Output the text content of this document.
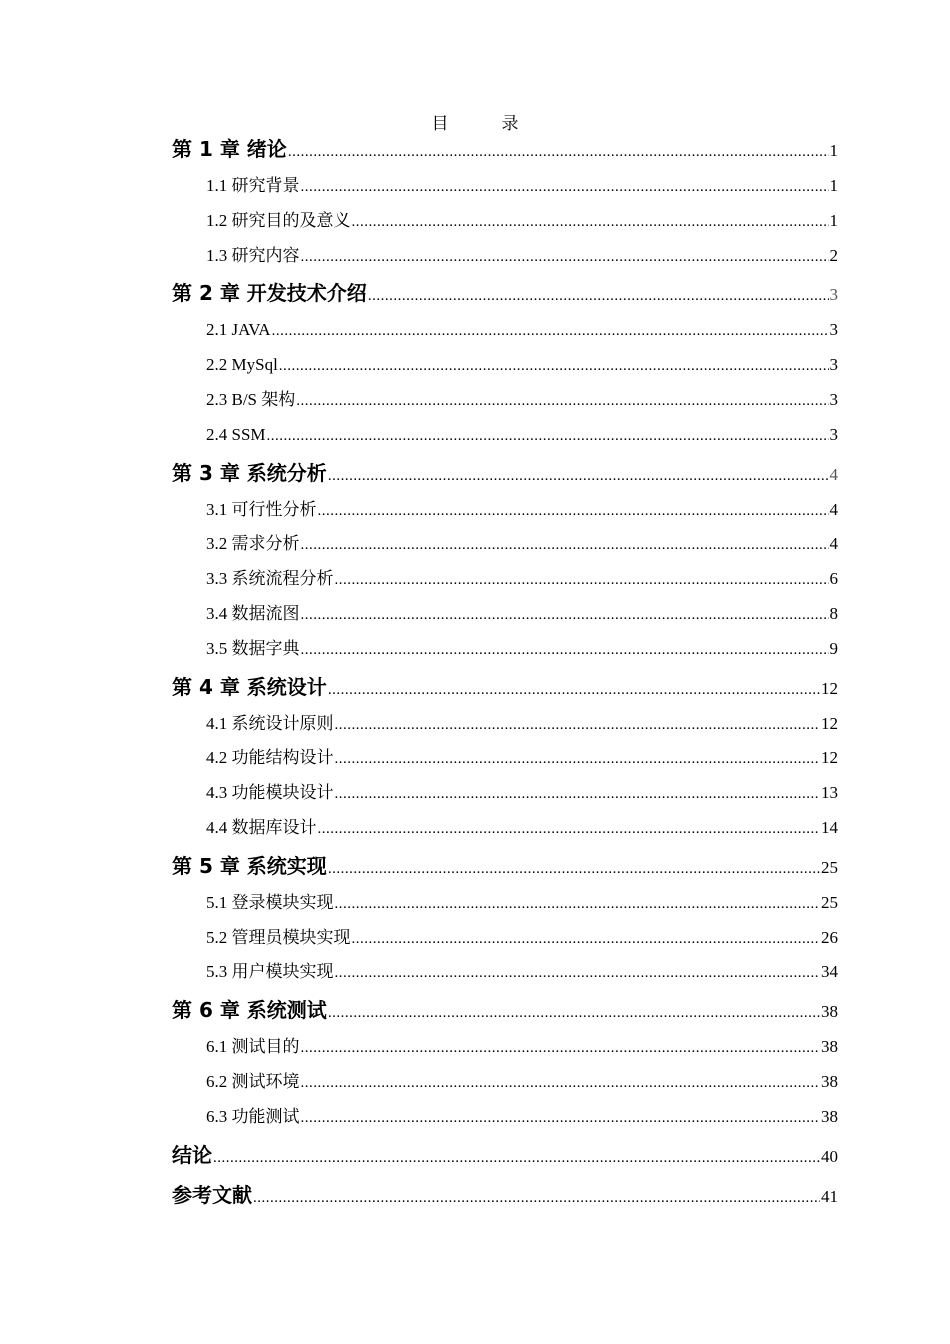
目　录
第 1 章 绪论 .....	1
1.1 研究背景 .....	1
1.2 研究目的及意义 .....	1
1.3 研究内容 .....	2
第 2 章 开发技术介绍 .....	3
2.1 JAVA .....	3
2.2 MySql .....	3
2.3 B/S 架构 .....	3
2.4 SSM .....	3
第 3 章 系统分析 .....	4
3.1 可行性分析 .....	4
3.2 需求分析 .....	4
3.3 系统流程分析 .....	6
3.4 数据流图 .....	8
3.5 数据字典 .....	9
第 4 章 系统设计 .....	12
4.1 系统设计原则 .....	12
4.2 功能结构设计 .....	12
4.3 功能模块设计 .....	13
4.4 数据库设计 .....	14
第 5 章 系统实现 .....	25
5.1 登录模块实现 .....	25
5.2 管理员模块实现 .....	26
5.3 用户模块实现 .....	34
第 6 章 系统测试 .....	38
6.1 测试目的 .....	38
6.2 测试环境 .....	38
6.3 功能测试 .....	38
结论 .....	40
参考文献 .....	41
